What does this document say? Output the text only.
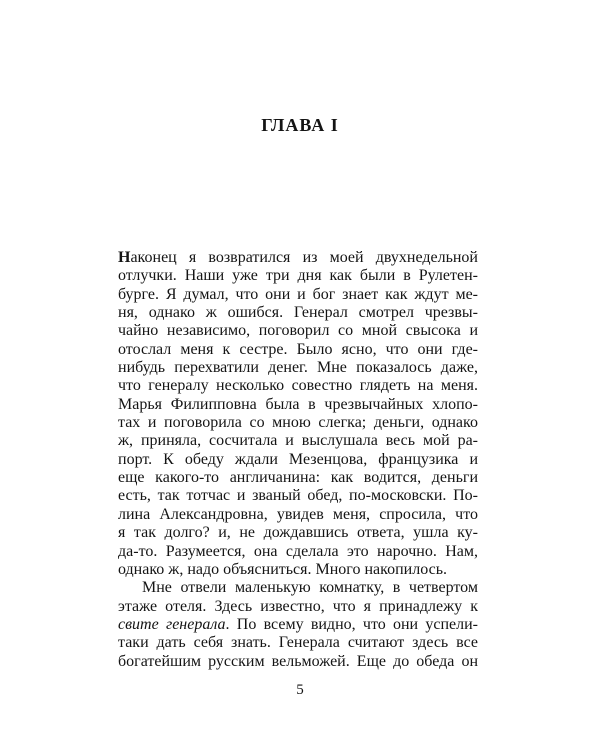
ГЛАВА I
Наконец я возвратился из моей двухнедельной
отлучки. Наши уже три дня как были в Рулетен-
бурге. Я думал, что они и бог знает как ждут ме-
ня, однако ж ошибся. Генерал смотрел чрезвы-
чайно независимо, поговорил со мной свысока и
отослал меня к сестре. Было ясно, что они где-
нибудь перехватили денег. Мне показалось даже,
что генералу несколько совестно глядеть на меня.
Марья Филипповна была в чрезвычайных хлопо-
тах и поговорила со мною слегка; деньги, однако
ж, приняла, сосчитала и выслушала весь мой ра-
порт. К обеду ждали Мезенцова, французика и
еще какого-то англичанина: как водится, деньги
есть, так тотчас и званый обед, по-московски. По-
лина Александровна, увидев меня, спросила, что
я так долго? и, не дождавшись ответа, ушла ку-
да-то. Разумеется, она сделала это нарочно. Нам,
однако ж, надо объясниться. Много накопилось.
Мне отвели маленькую комнатку, в четвертом
этаже отеля. Здесь известно, что я принадлежу к
свите генерала. По всему видно, что они успели-
таки дать себя знать. Генерала считают здесь все
богатейшим русским вельможей. Еще до обеда он
5
